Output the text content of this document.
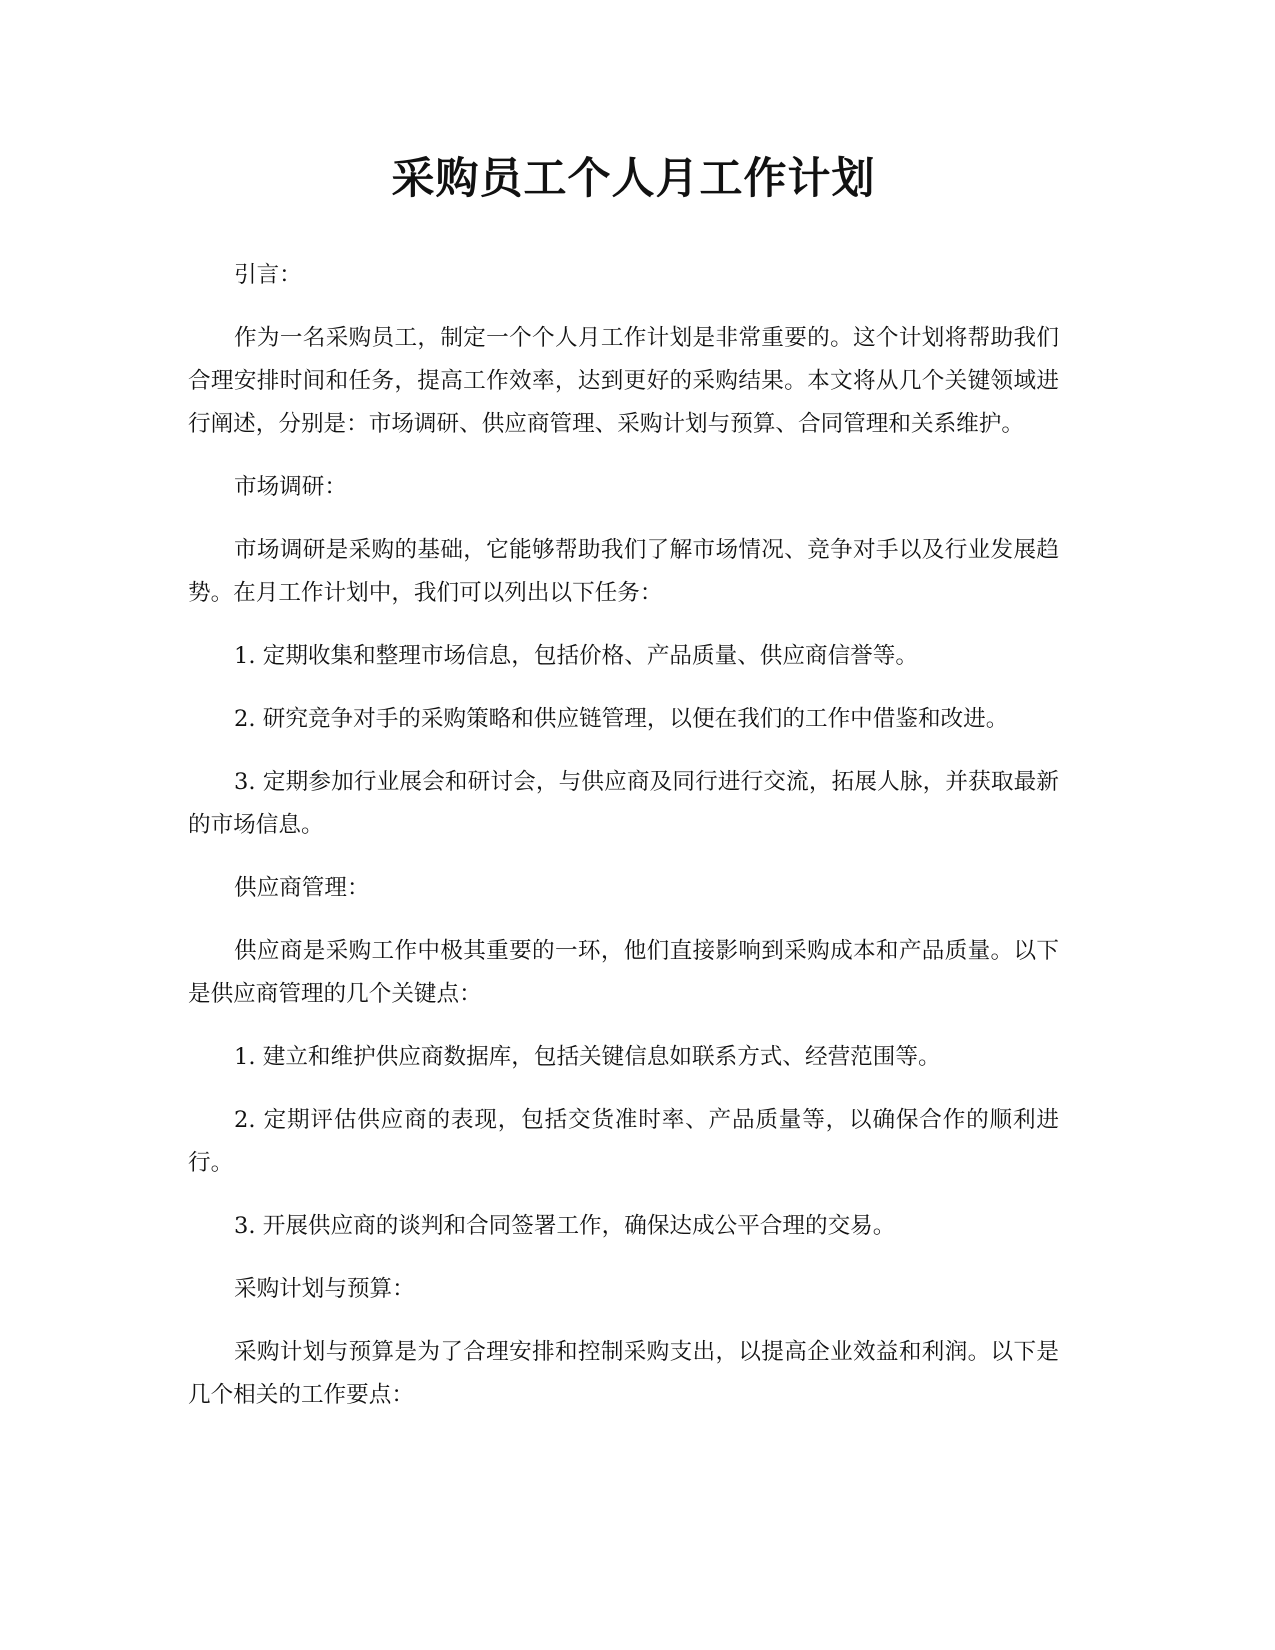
采购员工个人月工作计划

引言：

作为一名采购员工，制定一个个人月工作计划是非常重要的。这个计划将帮助我们合理安排时间和任务，提高工作效率，达到更好的采购结果。本文将从几个关键领域进行阐述，分别是：市场调研、供应商管理、采购计划与预算、合同管理和关系维护。

市场调研：

市场调研是采购的基础，它能够帮助我们了解市场情况、竞争对手以及行业发展趋势。在月工作计划中，我们可以列出以下任务：

1. 定期收集和整理市场信息，包括价格、产品质量、供应商信誉等。

2. 研究竞争对手的采购策略和供应链管理，以便在我们的工作中借鉴和改进。

3. 定期参加行业展会和研讨会，与供应商及同行进行交流，拓展人脉，并获取最新的市场信息。

供应商管理：

供应商是采购工作中极其重要的一环，他们直接影响到采购成本和产品质量。以下是供应商管理的几个关键点：

1. 建立和维护供应商数据库，包括关键信息如联系方式、经营范围等。

2. 定期评估供应商的表现，包括交货准时率、产品质量等，以确保合作的顺利进行。

3. 开展供应商的谈判和合同签署工作，确保达成公平合理的交易。

采购计划与预算：

采购计划与预算是为了合理安排和控制采购支出，以提高企业效益和利润。以下是几个相关的工作要点：
